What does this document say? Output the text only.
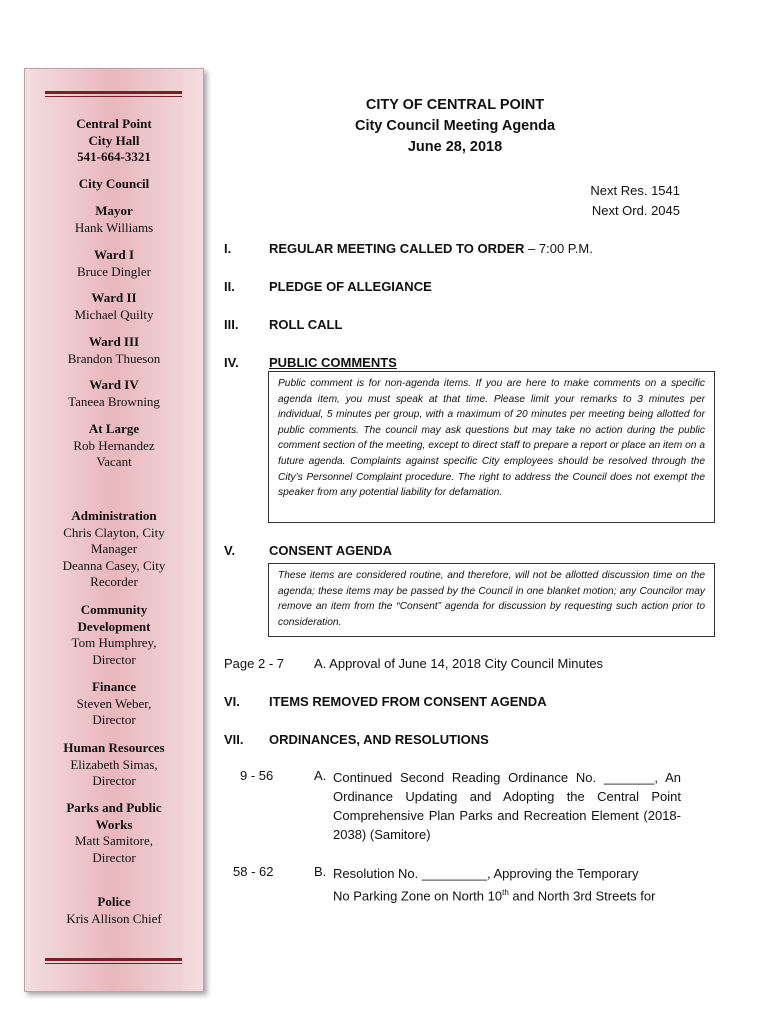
Central Point
City Hall
541-664-3321
City Council
Mayor
Hank Williams
Ward I
Bruce Dingler
Ward II
Michael Quilty
Ward III
Brandon Thueson
Ward IV
Taneea Browning
At Large
Rob Hernandez
Vacant
Administration
Chris Clayton, City
Manager
Deanna Casey, City
Recorder
Community
Development
Tom Humphrey,
Director
Finance
Steven Weber,
Director
Human Resources
Elizabeth Simas,
Director
Parks and Public
Works
Matt Samitore,
Director
Police
Kris Allison Chief
CITY OF CENTRAL POINT
City Council Meeting Agenda
June 28, 2018
Next Res. 1541
Next Ord. 2045
I.	REGULAR MEETING CALLED TO ORDER – 7:00 P.M.
II.	PLEDGE OF ALLEGIANCE
III. ROLL CALL
IV. PUBLIC COMMENTS
Public comment is for non-agenda items. If you are here to make comments on a specific agenda item, you must speak at that time. Please limit your remarks to 3 minutes per individual, 5 minutes per group, with a maximum of 20 minutes per meeting being allotted for public comments. The council may ask questions but may take no action during the public comment section of the meeting, except to direct staff to prepare a report or place an item on a future agenda. Complaints against specific City employees should be resolved through the City’s Personnel Complaint procedure. The right to address the Council does not exempt the speaker from any potential liability for defamation.
V.	CONSENT AGENDA
These items are considered routine, and therefore, will not be allotted discussion time on the agenda; these items may be passed by the Council in one blanket motion; any Councilor may remove an item from the “Consent” agenda for discussion by requesting such action prior to consideration.
Page 2 - 7 A. Approval of June 14, 2018 City Council Minutes
VI. ITEMS REMOVED FROM CONSENT AGENDA
VII. ORDINANCES, AND RESOLUTIONS
9 - 56	A. Continued Second Reading Ordinance No. _______, An Ordinance Updating and Adopting the Central Point Comprehensive Plan Parks and Recreation Element (2018-2038) (Samitore)
58 - 62	B. Resolution No. _________, Approving the Temporary
No Parking Zone on North 10th and North 3rd Streets for
